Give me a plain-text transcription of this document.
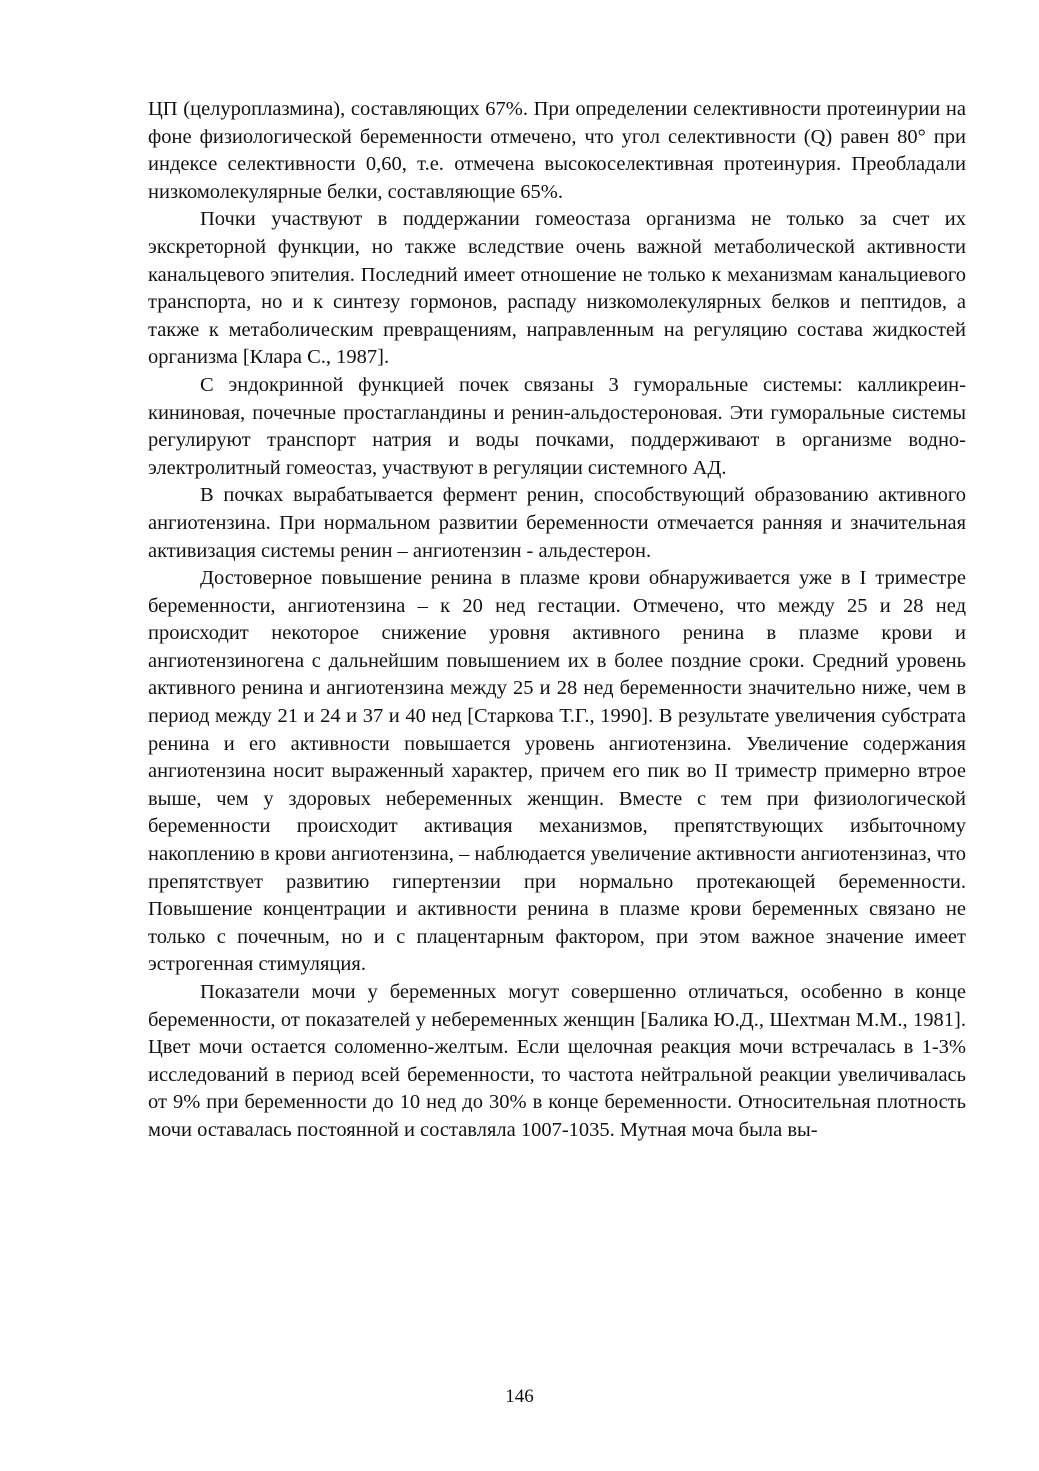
ЦП (целуроплазмина), составляющих 67%. При определении селективности протеинурии на фоне физиологической беременности отмечено, что угол селективности (Q) равен 80° при индексе селективности 0,60, т.е. отмечена высокоселективная протеинурия. Преобладали низкомолекулярные белки, составляющие 65%.

Почки участвуют в поддержании гомеостаза организма не только за счет их экскреторной функции, но также вследствие очень важной метаболической активности канальцевого эпителия. Последний имеет отношение не только к механизмам канальциевого транспорта, но и к синтезу гормонов, распаду низкомолекулярных белков и пептидов, а также к метаболическим превращениям, направленным на регуляцию состава жидкостей организма [Клара С., 1987].

С эндокринной функцией почек связаны 3 гуморальные системы: калликреин-кининовая, почечные простагландины и ренин-альдостероновая. Эти гуморальные системы регулируют транспорт натрия и воды почками, поддерживают в организме водно-электролитный гомеостаз, участвуют в регуляции системного АД.

В почках вырабатывается фермент ренин, способствующий образованию активного ангиотензина. При нормальном развитии беременности отмечается ранняя и значительная активизация системы ренин – ангиотензин - альдестерон.

Достоверное повышение ренина в плазме крови обнаруживается уже в I триместре беременности, ангиотензина – к 20 нед гестации. Отмечено, что между 25 и 28 нед происходит некоторое снижение уровня активного ренина в плазме крови и ангиотензиногена с дальнейшим повышением их в более поздние сроки. Средний уровень активного ренина и ангиотензина между 25 и 28 нед беременности значительно ниже, чем в период между 21 и 24 и 37 и 40 нед [Старкова Т.Г., 1990]. В результате увеличения субстрата ренина и его активности повышается уровень ангиотензина. Увеличение содержания ангиотензина носит выраженный характер, причем его пик во II триместр примерно втрое выше, чем у здоровых небеременных женщин. Вместе с тем при физиологической беременности происходит активация механизмов, препятствующих избыточному накоплению в крови ангиотензина, – наблюдается увеличение активности ангиотензиназ, что препятствует развитию гипертензии при нормально протекающей беременности. Повышение концентрации и активности ренина в плазме крови беременных связано не только с почечным, но и с плацентарным фактором, при этом важное значение имеет эстрогенная стимуляция.

Показатели мочи у беременных могут совершенно отличаться, особенно в конце беременности, от показателей у небеременных женщин [Балика Ю.Д., Шехтман М.М., 1981]. Цвет мочи остается соломенно-желтым. Если щелочная реакция мочи встречалась в 1-3% исследований в период всей беременности, то частота нейтральной реакции увеличивалась от 9% при беременности до 10 нед до 30% в конце беременности. Относительная плотность мочи оставалась постоянной и составляла 1007-1035. Мутная моча была вы-

146
